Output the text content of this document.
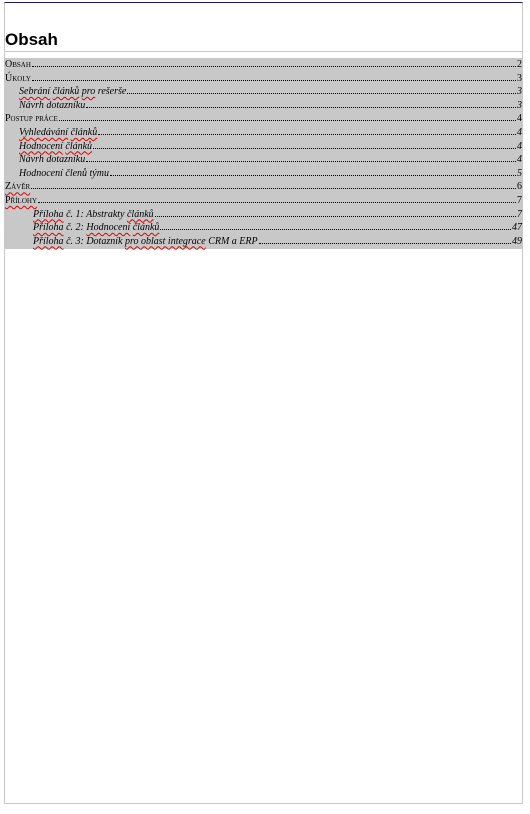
Obsah
Obsah	2
Úkoly	3
Sebrání článků pro rešerše	3
Návrh dotazníku	3
Postup práce	4
Vyhledávání článků	4
Hodnocení článků	4
Návrh dotazníku	4
Hodnocení členů týmu	5
Závěr	6
Přílohy	7
Příloha č. 1: Abstrakty článků	7
Příloha č. 2: Hodnocení článků	47
Příloha č. 3: Dotazník pro oblast integrace CRM a ERP	49
